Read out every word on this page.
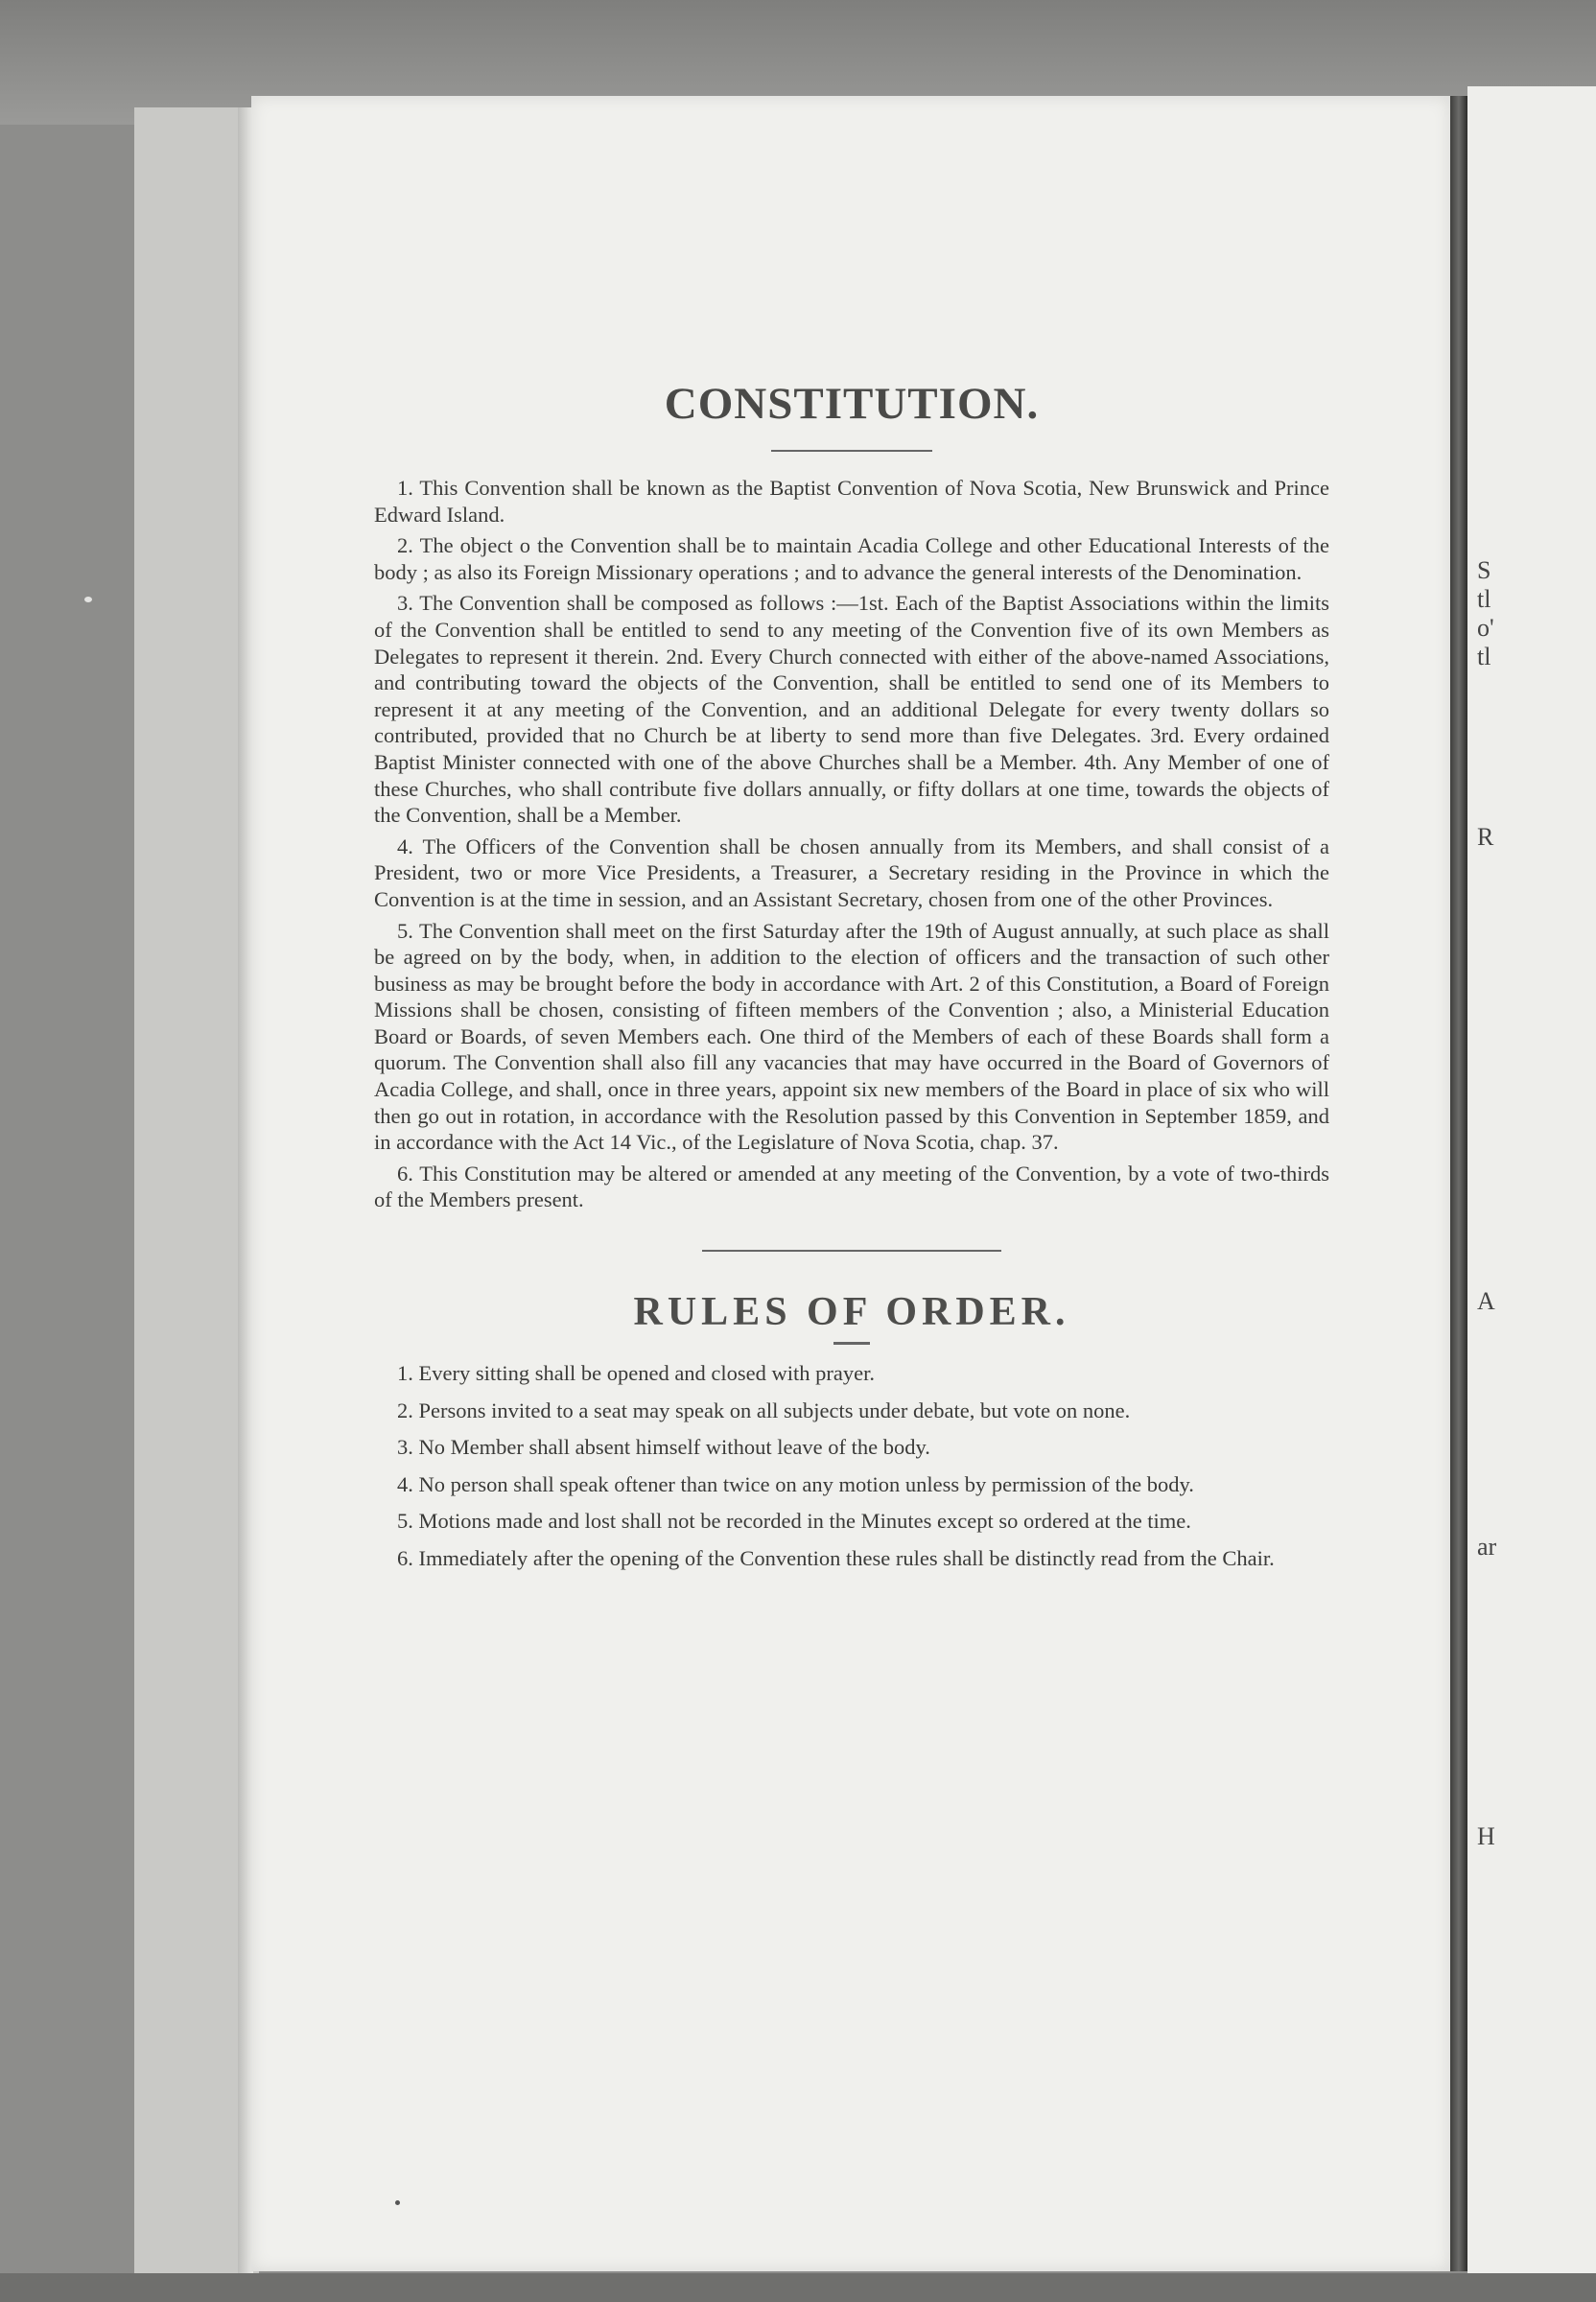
S
tl
o'
tl
R
A
ar
H
CONSTITUTION.

1. This Convention shall be known as the Baptist Convention of Nova Scotia, New Brunswick and Prince Edward Island.

2. The object o the Convention shall be to maintain Acadia College and other Educational Interests of the body ; as also its Foreign Missionary operations ; and to advance the general interests of the Denomination.

3. The Convention shall be composed as follows :—1st. Each of the Baptist Associations within the limits of the Convention shall be entitled to send to any meeting of the Convention five of its own Members as Delegates to represent it therein. 2nd. Every Church connected with either of the above-named Associations, and contributing toward the objects of the Convention, shall be entitled to send one of its Members to represent it at any meeting of the Convention, and an additional Delegate for every twenty dollars so contributed, provided that no Church be at liberty to send more than five Delegates. 3rd. Every ordained Baptist Minister connected with one of the above Churches shall be a Member. 4th. Any Member of one of these Churches, who shall contribute five dollars annually, or fifty dollars at one time, towards the objects of the Convention, shall be a Member.

4. The Officers of the Convention shall be chosen annually from its Members, and shall consist of a President, two or more Vice Presidents, a Treasurer, a Secretary residing in the Province in which the Convention is at the time in session, and an Assistant Secretary, chosen from one of the other Provinces.

5. The Convention shall meet on the first Saturday after the 19th of August annually, at such place as shall be agreed on by the body, when, in addition to the election of officers and the transaction of such other business as may be brought before the body in accordance with Art. 2 of this Constitution, a Board of Foreign Missions shall be chosen, consisting of fifteen members of the Convention ; also, a Ministerial Education Board or Boards, of seven Members each. One third of the Members of each of these Boards shall form a quorum. The Convention shall also fill any vacancies that may have occurred in the Board of Governors of Acadia College, and shall, once in three years, appoint six new members of the Board in place of six who will then go out in rotation, in accordance with the Resolution passed by this Convention in September 1859, and in accordance with the Act 14 Vic., of the Legislature of Nova Scotia, chap. 37.

6. This Constitution may be altered or amended at any meeting of the Convention, by a vote of two-thirds of the Members present.

RULES OF ORDER.

1. Every sitting shall be opened and closed with prayer.

2. Persons invited to a seat may speak on all subjects under debate, but vote on none.

3. No Member shall absent himself without leave of the body.

4. No person shall speak oftener than twice on any motion unless by permission of the body.

5. Motions made and lost shall not be recorded in the Minutes except so ordered at the time.

6. Immediately after the opening of the Convention these rules shall be distinctly read from the Chair.
